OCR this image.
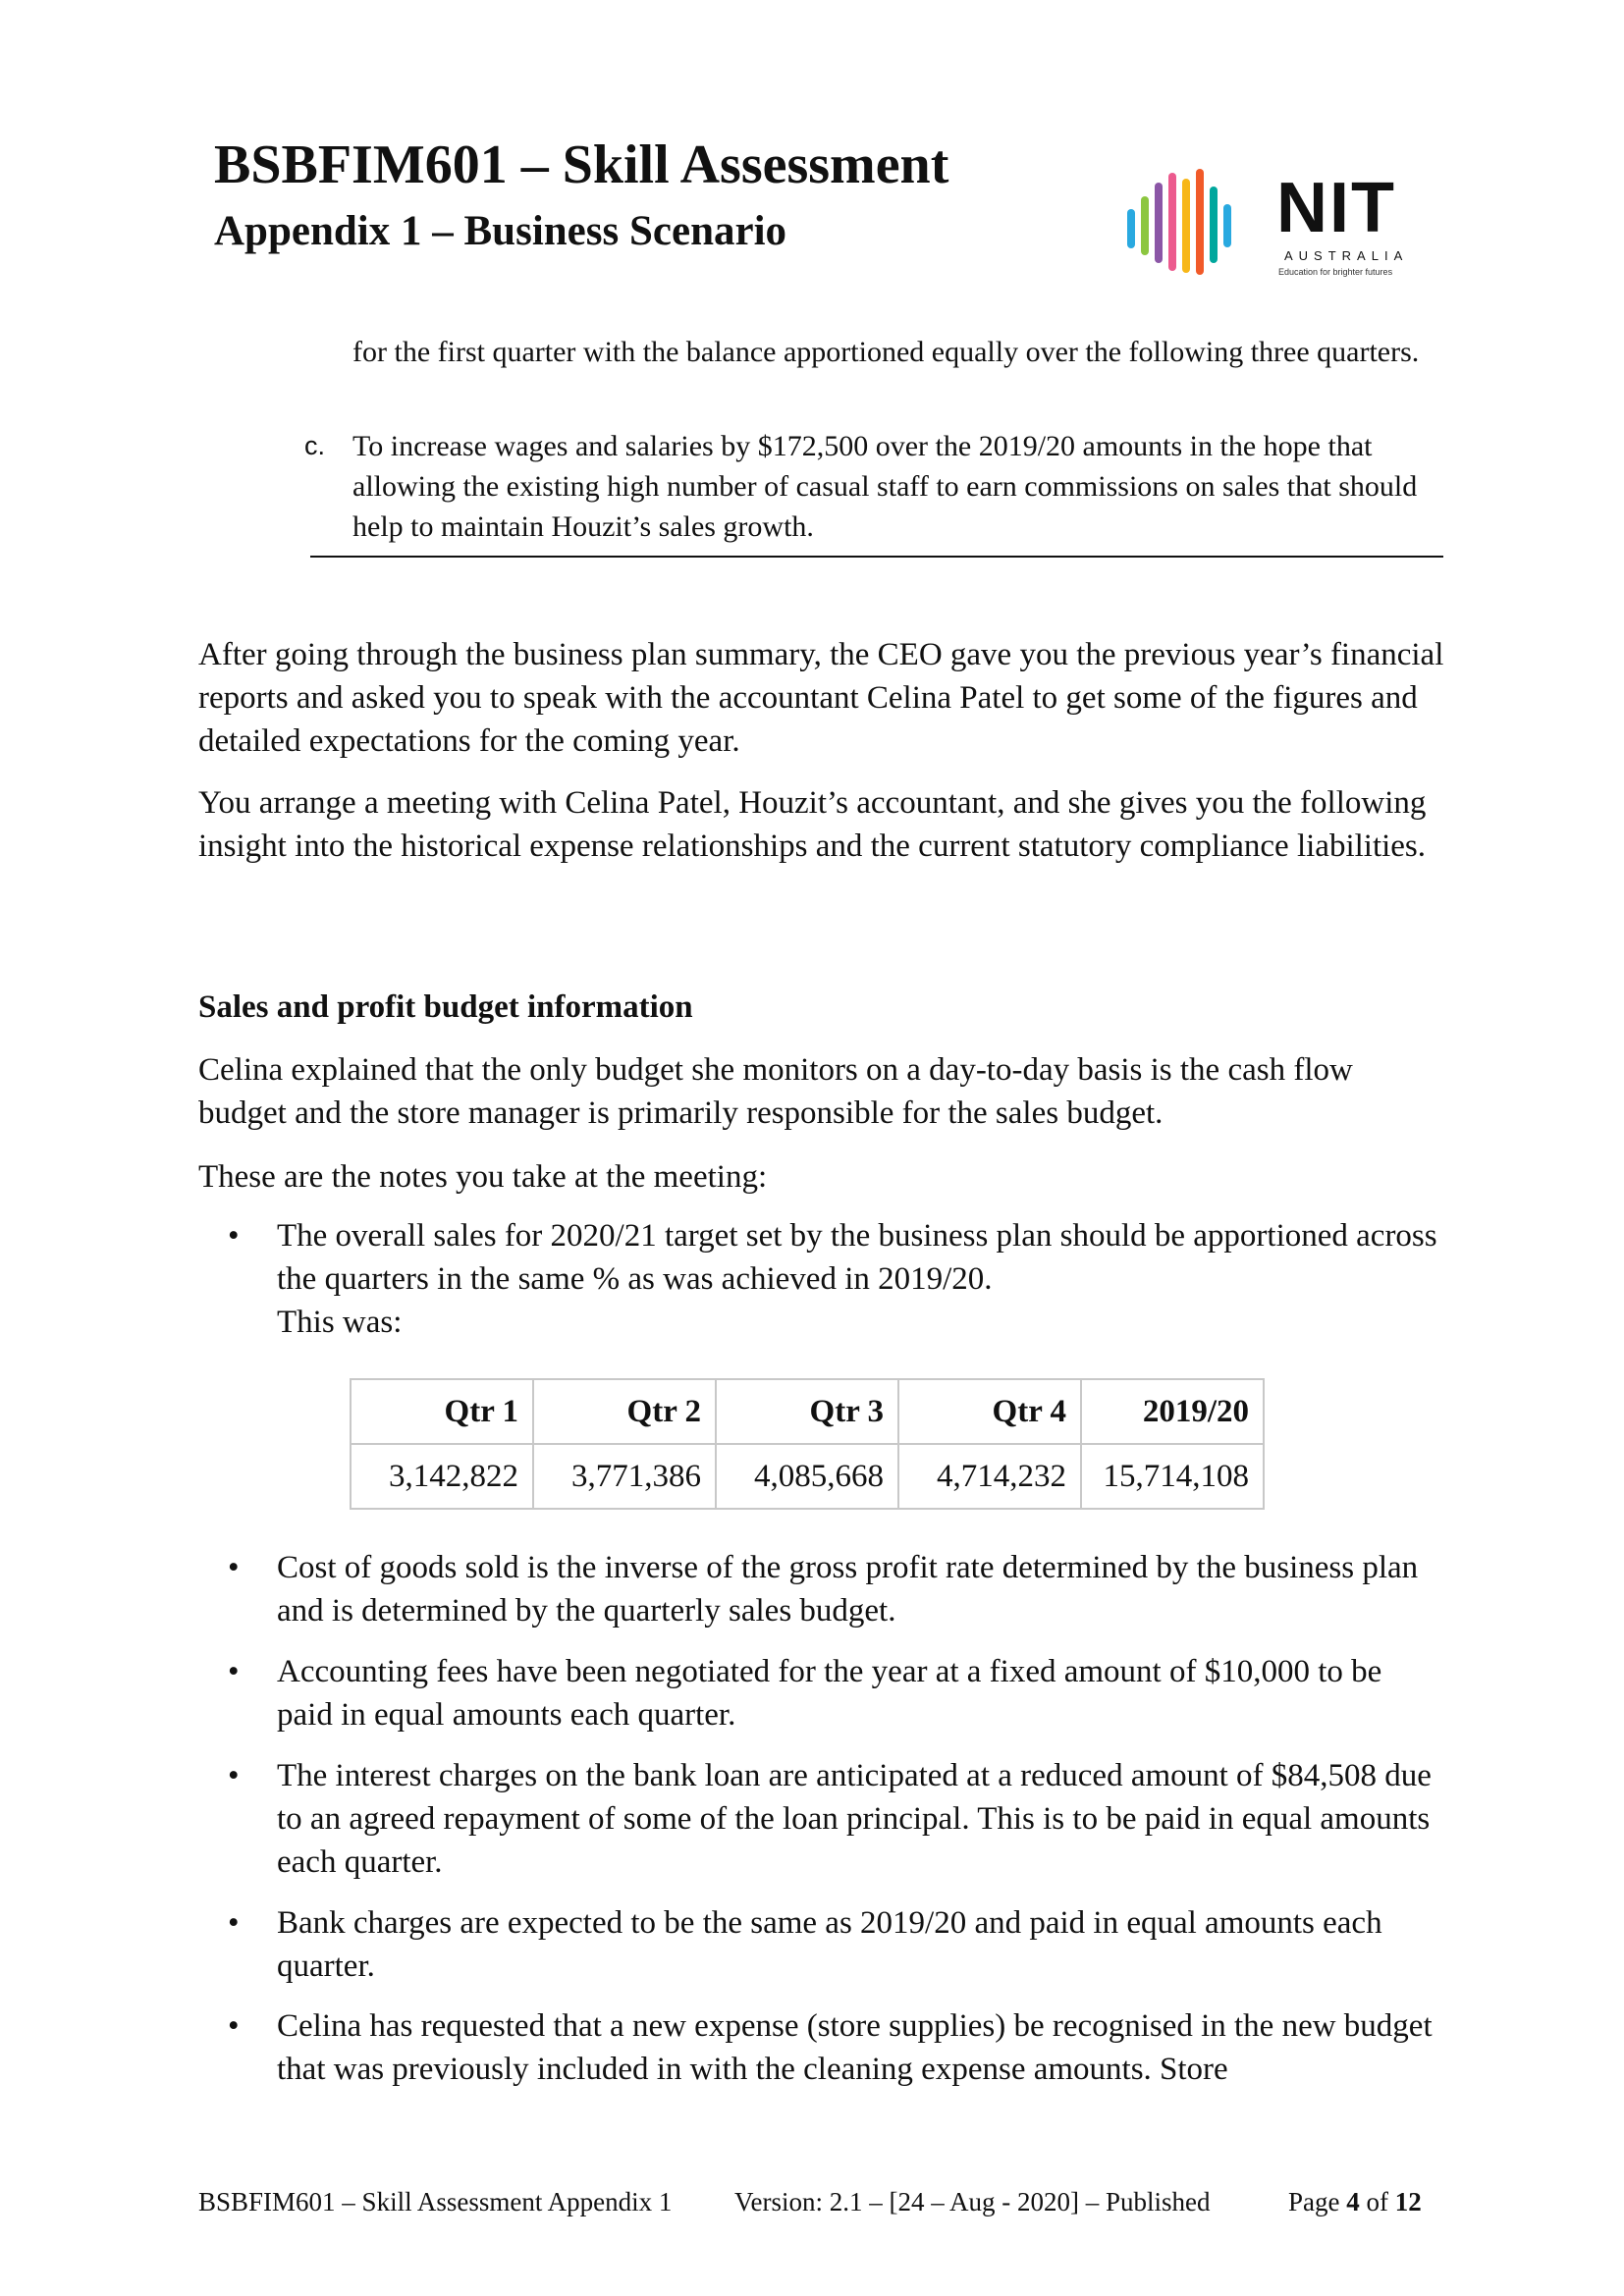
BSBFIM601 – Skill Assessment
Appendix 1 – Business Scenario	NIT
AUSTRALIA
Education for brighter futures
for the first quarter with the balance apportioned equally over the following three quarters.
c. To increase wages and salaries by $172,500 over the 2019/20 amounts in the hope that allowing the existing high number of casual staff to earn commissions on sales that should help to maintain Houzit’s sales growth.
After going through the business plan summary, the CEO gave you the previous year’s financial reports and asked you to speak with the accountant Celina Patel to get some of the figures and detailed expectations for the coming year.
You arrange a meeting with Celina Patel, Houzit’s accountant, and she gives you the following insight into the historical expense relationships and the current statutory compliance liabilities.
Sales and profit budget information
Celina explained that the only budget she monitors on a day-to-day basis is the cash flow budget and the store manager is primarily responsible for the sales budget.
These are the notes you take at the meeting:
• The overall sales for 2020/21 target set by the business plan should be apportioned across the quarters in the same % as was achieved in 2019/20.
This was:
Qtr 1	Qtr 2	Qtr 3	Qtr 4	2019/20
3,142,822	3,771,386	4,085,668	4,714,232	15,714,108
• Cost of goods sold is the inverse of the gross profit rate determined by the business plan and is determined by the quarterly sales budget.
• Accounting fees have been negotiated for the year at a fixed amount of $10,000 to be paid in equal amounts each quarter.
• The interest charges on the bank loan are anticipated at a reduced amount of $84,508 due to an agreed repayment of some of the loan principal. This is to be paid in equal amounts each quarter.
• Bank charges are expected to be the same as 2019/20 and paid in equal amounts each quarter.
• Celina has requested that a new expense (store supplies) be recognised in the new budget that was previously included in with the cleaning expense amounts. Store
BSBFIM601 – Skill Assessment Appendix 1 Version: 2.1 – [24 – Aug - 2020] – Published	Page 4 of 12
